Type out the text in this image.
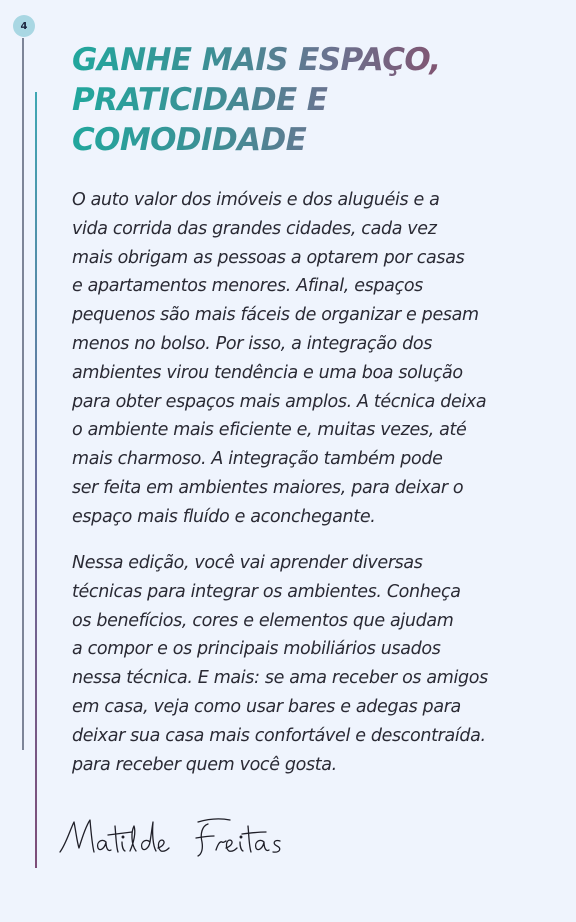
4
GANHE MAIS ESPAÇO,
PRATICIDADE E
COMODIDADE

O auto valor dos imóveis e dos aluguéis e a
vida corrida das grandes cidades, cada vez
mais obrigam as pessoas a optarem por casas
e apartamentos menores. Afinal, espaços
pequenos são mais fáceis de organizar e pesam
menos no bolso. Por isso, a integração dos
ambientes virou tendência e uma boa solução
para obter espaços mais amplos. A técnica deixa
o ambiente mais eficiente e, muitas vezes, até
mais charmoso. A integração também pode
ser feita em ambientes maiores, para deixar o
espaço mais fluído e aconchegante.

Nessa edição, você vai aprender diversas
técnicas para integrar os ambientes. Conheça
os benefícios, cores e elementos que ajudam
a compor e os principais mobiliários usados
nessa técnica. E mais: se ama receber os amigos
em casa, veja como usar bares e adegas para
deixar sua casa mais confortável e descontraída.
para receber quem você gosta.
